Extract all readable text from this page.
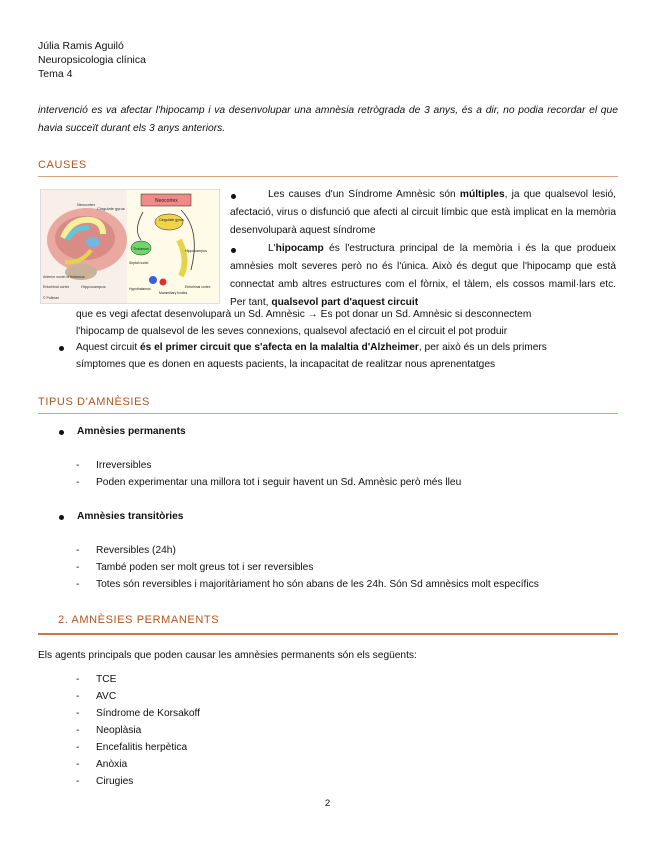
Júlia Ramis Aguiló
Neuropsicologia clínica
Tema 4
intervenció es va afectar l'hipocamp i va desenvolupar una amnèsia retrògrada de 3 anys, és a dir, no podia recordar el que havia succeït durant els 3 anys anteriors.
CAUSES
Neocortex
Cingulate gyrus
Anterior nuclei of thalamus
Hippocampus
Entorhinal cortex
© Pullman
Neocortex
Cingulate gyrus
Thalamus	Hippocampus
Septal nuclei
Hypothalamus
Mammillary bodies
Entorhinal cortex
Les causes d'un Síndrome Amnèsic són múltiples, ja que qualsevol lesió, afectació, virus o disfunció que afecti al circuit límbic que està implicat en la memòria desenvoluparà aquest síndrome
L'hipocamp és l'estructura principal de la memòria i és la que produeix amnèsies molt severes però no és l'única. Això és degut que l'hipocamp que està connectat amb altres estructures com el fòrnix, el tàlem, els cossos mamil·lars etc. Per tant, qualsevol part d'aquest circuit
que es vegi afectat desenvoluparà un Sd. Amnèsic → Es pot donar un Sd. Amnèsic si desconnectem
l'hipocamp de qualsevol de les seves connexions, qualsevol afectació en el circuit el pot produir
Aquest circuit és el primer circuit que s'afecta en la malaltia d'Alzheimer, per això és un dels primers
símptomes que es donen en aquests pacients, la incapacitat de realitzar nous aprenentatges
TIPUS D'AMNÈSIES
Amnèsies permanents
- Irreversibles
- Poden experimentar una millora tot i seguir havent un Sd. Amnèsic però més lleu
Amnèsies transitòries
- Reversibles (24h)
- També poden ser molt greus tot i ser reversibles
- Totes són reversibles i majoritàriament ho són abans de les 24h. Són Sd amnèsics molt específics
2. AMNÈSIES PERMANENTS
Els agents principals que poden causar les amnèsies permanents són els següents:
- TCE
- AVC
- Síndrome de Korsakoff
- Neoplàsia
- Encefalitis herpètica
- Anòxia
- Cirugies
2
